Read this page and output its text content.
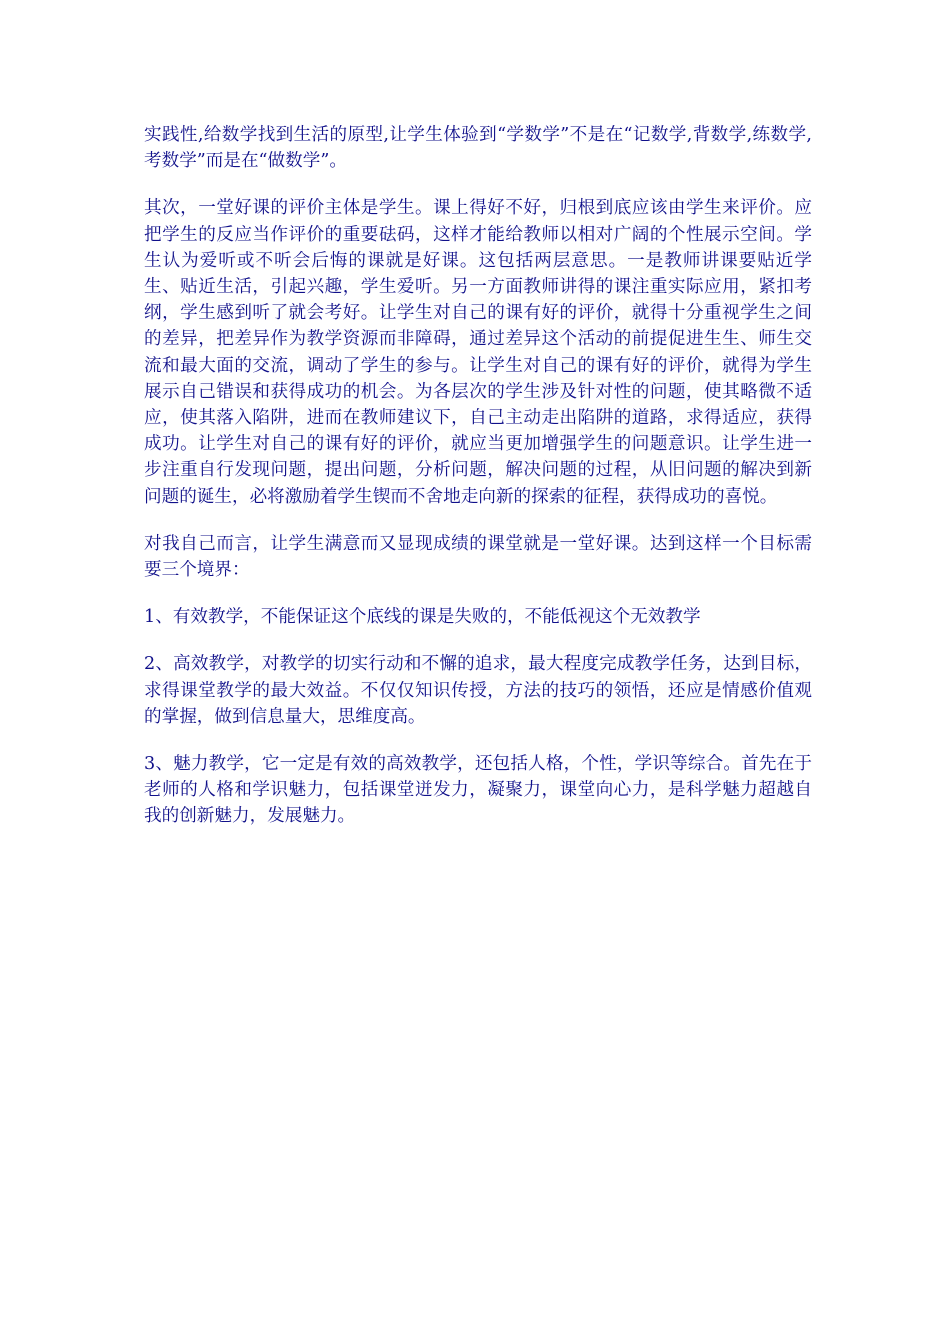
实践性,给数学找到生活的原型,让学生体验到“学数学”不是在“记数学,背数学,练数学,考数学”而是在“做数学”。

其次，一堂好课的评价主体是学生。课上得好不好，归根到底应该由学生来评价。应把学生的反应当作评价的重要砝码，这样才能给教师以相对广阔的个性展示空间。学生认为爱听或不听会后悔的课就是好课。这包括两层意思。一是教师讲课要贴近学生、贴近生活，引起兴趣，学生爱听。另一方面教师讲得的课注重实际应用，紧扣考纲，学生感到听了就会考好。让学生对自己的课有好的评价，就得十分重视学生之间的差异，把差异作为教学资源而非障碍，通过差异这个活动的前提促进生生、师生交流和最大面的交流，调动了学生的参与。让学生对自己的课有好的评价，就得为学生展示自己错误和获得成功的机会。为各层次的学生涉及针对性的问题，使其略微不适应，使其落入陷阱，进而在教师建议下，自己主动走出陷阱的道路，求得适应，获得成功。让学生对自己的课有好的评价，就应当更加增强学生的问题意识。让学生进一步注重自行发现问题，提出问题，分析问题，解决问题的过程，从旧问题的解决到新问题的诞生，必将激励着学生锲而不舍地走向新的探索的征程，获得成功的喜悦。

对我自己而言，让学生满意而又显现成绩的课堂就是一堂好课。达到这样一个目标需要三个境界：

1、有效教学，不能保证这个底线的课是失败的，不能低视这个无效教学

2、高效教学，对教学的切实行动和不懈的追求，最大程度完成教学任务，达到目标，求得课堂教学的最大效益。不仅仅知识传授，方法的技巧的领悟，还应是情感价值观的掌握，做到信息量大，思维度高。

3、魅力教学，它一定是有效的高效教学，还包括人格，个性，学识等综合。首先在于老师的人格和学识魅力，包括课堂迸发力，凝聚力，课堂向心力，是科学魅力超越自我的创新魅力，发展魅力。
